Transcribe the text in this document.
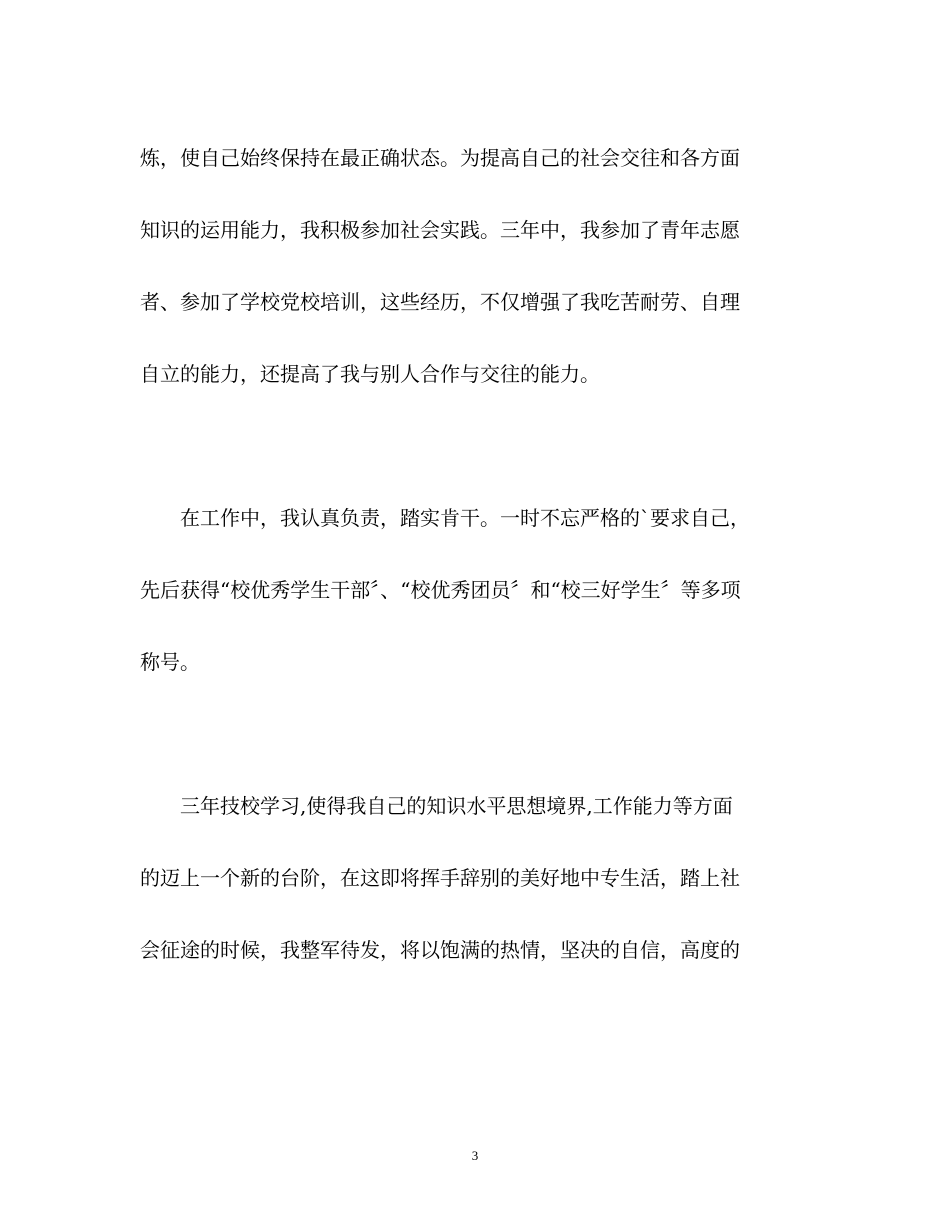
炼，使自己始终保持在最正确状态。为提高自己的社会交往和各方面
知识的运用能力，我积极参加社会实践。三年中，我参加了青年志愿
者、参加了学校党校培训，这些经历，不仅增强了我吃苦耐劳、自理
自立的能力，还提高了我与别人合作与交往的能力。
　　在工作中，我认真负责，踏实肯干。一时不忘严格的`要求自己，
先后获得“校优秀学生干部〞、“校优秀团员〞和“校三好学生〞等多项
称号。
　　三年技校学习,使得我自己的知识水平思想境界,工作能力等方面
的迈上一个新的台阶，在这即将挥手辞别的美好地中专生活，踏上社
会征途的时候，我整军待发，将以饱满的热情，坚决的自信，高度的
3
